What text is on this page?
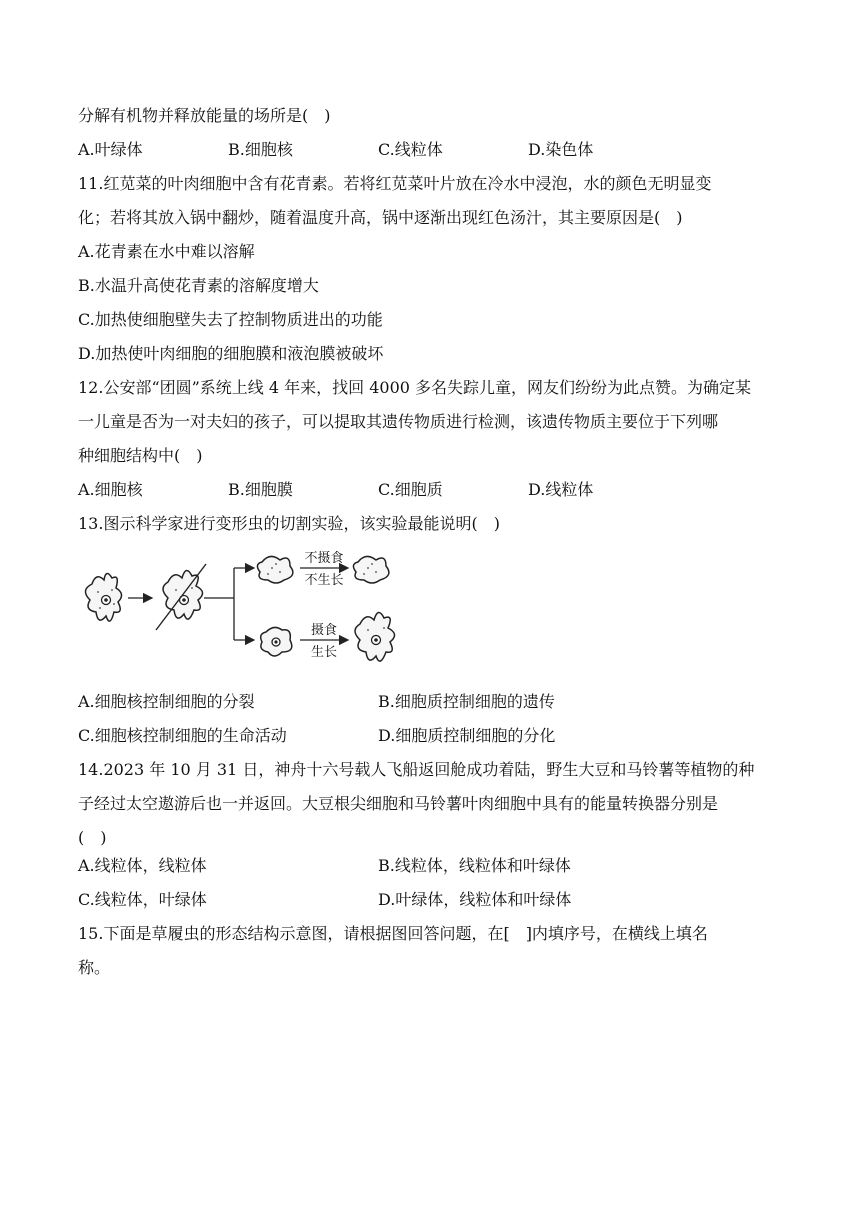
分解有机物并释放能量的场所是(　)
A.叶绿体	B.细胞核	C.线粒体	D.染色体
11.红苋菜的叶肉细胞中含有花青素。若将红苋菜叶片放在冷水中浸泡，水的颜色无明显变
化；若将其放入锅中翻炒，随着温度升高，锅中逐渐出现红色汤汁，其主要原因是(　)
A.花青素在水中难以溶解
B.水温升高使花青素的溶解度增大
C.加热使细胞壁失去了控制物质进出的功能
D.加热使叶肉细胞的细胞膜和液泡膜被破坏
12.公安部“团圆”系统上线 4 年来，找回 4000 多名失踪儿童，网友们纷纷为此点赞。为确定某
一儿童是否为一对夫妇的孩子，可以提取其遗传物质进行检测，该遗传物质主要位于下列哪
种细胞结构中(　)
A.细胞核	B.细胞膜	C.细胞质	D.线粒体
13.图示科学家进行变形虫的切割实验，该实验最能说明(　)
不摄食
不生长
摄食
生长
A.细胞核控制细胞的分裂	B.细胞质控制细胞的遗传
C.细胞核控制细胞的生命活动	D.细胞质控制细胞的分化
14.2023 年 10 月 31 日，神舟十六号载人飞船返回舱成功着陆，野生大豆和马铃薯等植物的种
子经过太空遨游后也一并返回。大豆根尖细胞和马铃薯叶肉细胞中具有的能量转换器分别是
(　)
A.线粒体，线粒体	B.线粒体，线粒体和叶绿体
C.线粒体，叶绿体	D.叶绿体，线粒体和叶绿体
15.下面是草履虫的形态结构示意图，请根据图回答问题，在[　]内填序号，在横线上填名
称。
